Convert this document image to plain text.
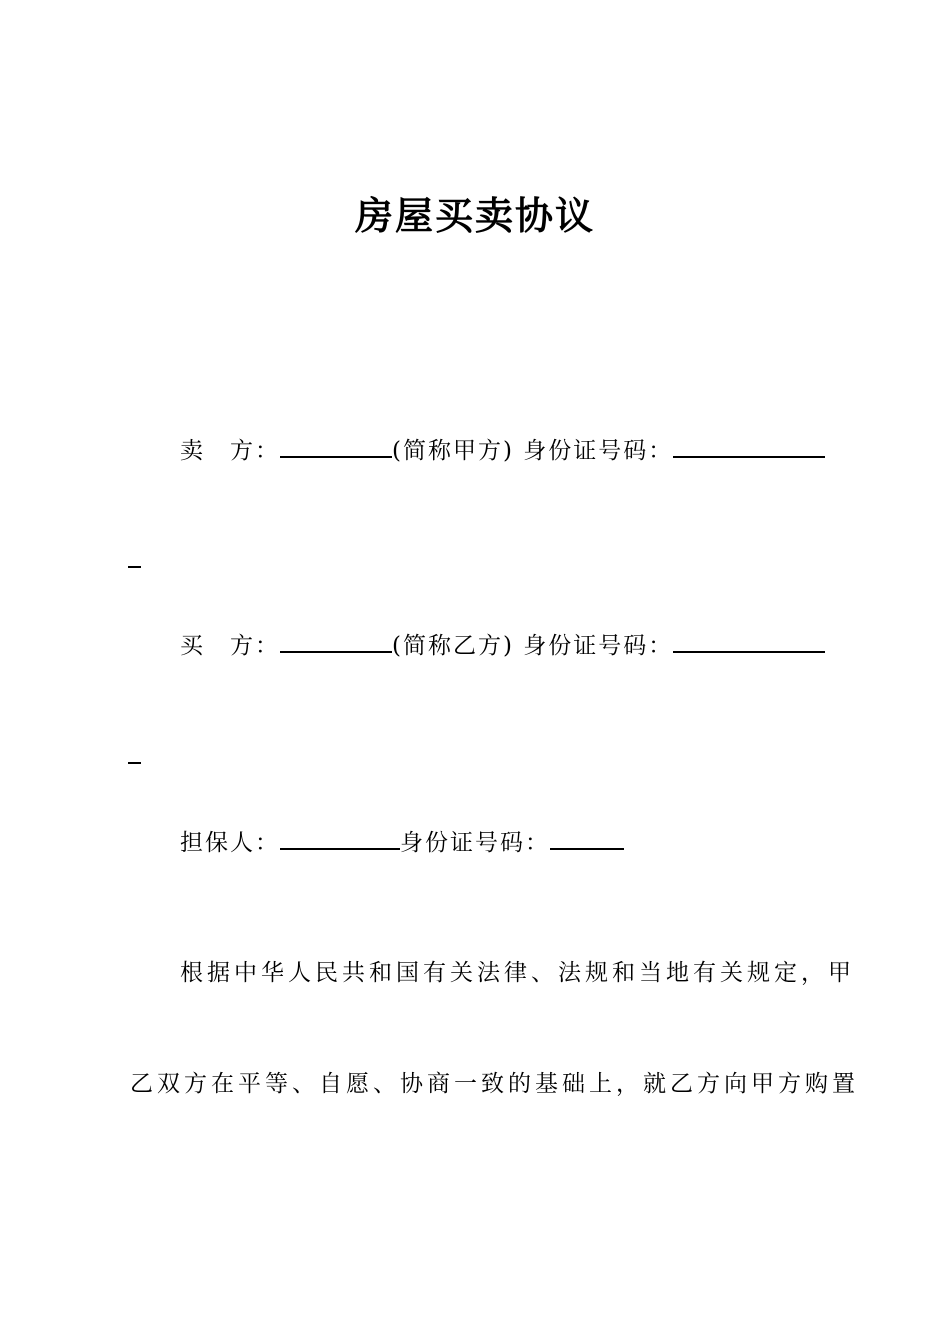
房屋买卖协议
卖　方：	(简称甲方) 身份证号码：
买　方：	(简称乙方) 身份证号码：
担保人：	身份证号码：
根据中华人民共和国有关法律、法规和当地有关规定，甲
乙双方在平等、自愿、协商一致的基础上，就乙方向甲方购置
